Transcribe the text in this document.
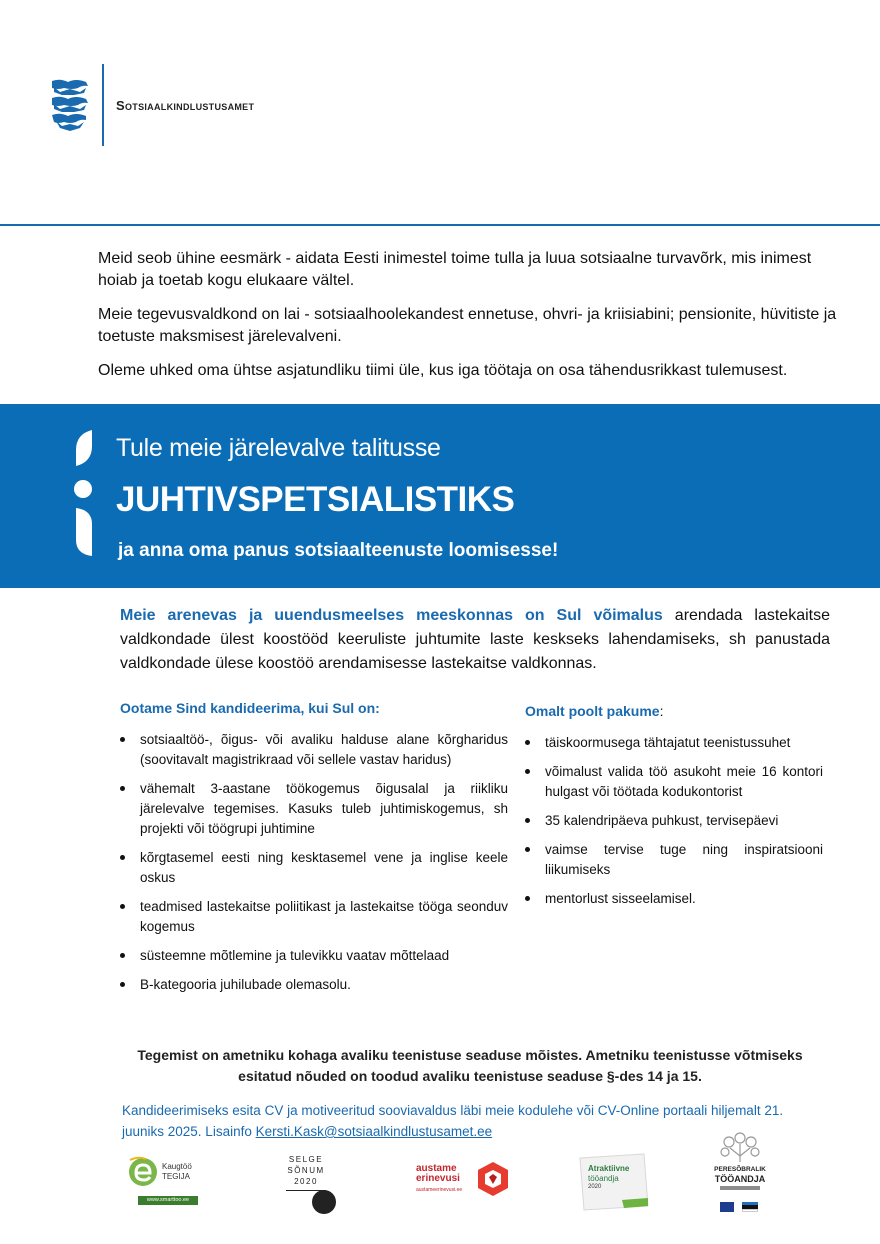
Sotsiaalkindlustusamet

Meid seob ühine eesmärk - aidata Eesti inimestel toime tulla ja luua sotsiaalne turvavõrk, mis inimest hoiab ja toetab kogu elukaare vältel.

Meie tegevusvaldkond on lai - sotsiaalhoolekandest ennetuse, ohvri- ja kriisiabini; pensionite, hüvitiste ja toetuste maksmisest järelevalveni.

Oleme uhked oma ühtse asjatundliku tiimi üle, kus iga töötaja on osa tähendusrikkast tulemusest.

Tule meie järelevalve talitusse
JUHTIVSPETSIALISTIKS
ja anna oma panus sotsiaalteenuste loomisesse!
Meie arenevas ja uuendusmeelses meeskonnas on Sul võimalus arendada lastekaitse valdkondade ülest koostööd keeruliste juhtumite laste keskseks lahendamiseks, sh panustada valdkondade ülese koostöö arendamisesse lastekaitse valdkonnas.
Ootame Sind kandideerima, kui Sul on:
sotsiaaltöö-, õigus- või avaliku halduse alane kõrgharidus (soovitavalt magistrikraad või sellele vastav haridus)
vähemalt 3-aastane töökogemus õigusalal ja riikliku järelevalve tegemises. Kasuks tuleb juhtimiskogemus, sh projekti või töögrupi juhtimine
kõrgtasemel eesti ning kesktasemel vene ja inglise keele oskus
teadmised lastekaitse poliitikast ja lastekaitse tööga seonduv kogemus
süsteemne mõtlemine ja tulevikku vaatav mõttelaad
B-kategooria juhilubade olemasolu.
Omalt poolt pakume:
täiskoormusega tähtajatut teenistussuhet
võimalust valida töö asukoht meie 16 kontori hulgast või töötada kodukontorist
35 kalendripäeva puhkust, tervisepäevi
vaimse tervise tuge ning inspiratsiooni liikumiseks
mentorlust sisseelamisel.
Tegemist on ametniku kohaga avaliku teenistuse seaduse mõistes. Ametniku teenistusse võtmiseks esitatud nõuded on toodud avaliku teenistuse seaduse §-des 14 ja 15.
Kandideerimiseks esita CV ja motiveeritud sooviavaldus läbi meie kodulehe või CV-Online portaali hiljemalt 21. juuniks 2025. Lisainfo Kersti.Kask@sotsiaalkindlustusamet.ee
Kaugtöö
TEGIJA
www.smarttoo.ee
SELGE
SÕNUM
2020
austame
erinevusi
austameerinevusi.ee
Atraktiivne
tööandja
2020
PERESÕBRALIK
TÖÖANDJA
